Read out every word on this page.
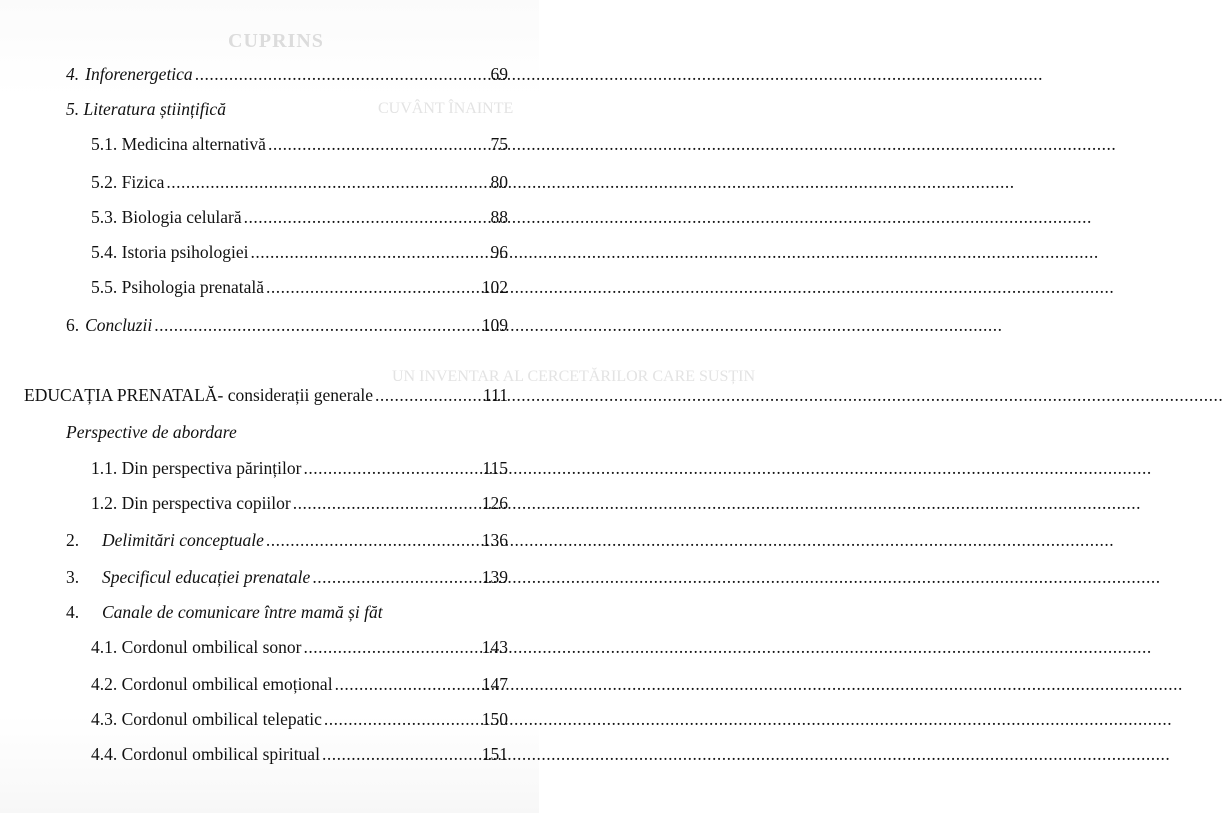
CUPRINS
CUVÂNT ÎNAINTE
UN INVENTAR AL CERCETĂRILOR CARE SUSȚIN
4. Inforenergetica .....	69
5. Literatura științifică
5.1. Medicina alternativă .....	75
5.2. Fizica .....	80
5.3. Biologia celulară .....	88
5.4. Istoria psihologiei .....	96
5.5. Psihologia prenatală .....	102
6. Concluzii .....	109
EDUCAȚIA PRENATALĂ- considerații generale .....	111
Perspective de abordare
1.1. Din perspectiva părinților .....	115
1.2. Din perspectiva copiilor .....	126
2.	Delimitări conceptuale .....	136
3.	Specificul educației prenatale .....	139
4.	Canale de comunicare între mamă și făt
4.1. Cordonul ombilical sonor .....	143
4.2. Cordonul ombilical emoțional .....	147
4.3. Cordonul ombilical telepatic .....	150
4.4. Cordonul ombilical spiritual .....	151
